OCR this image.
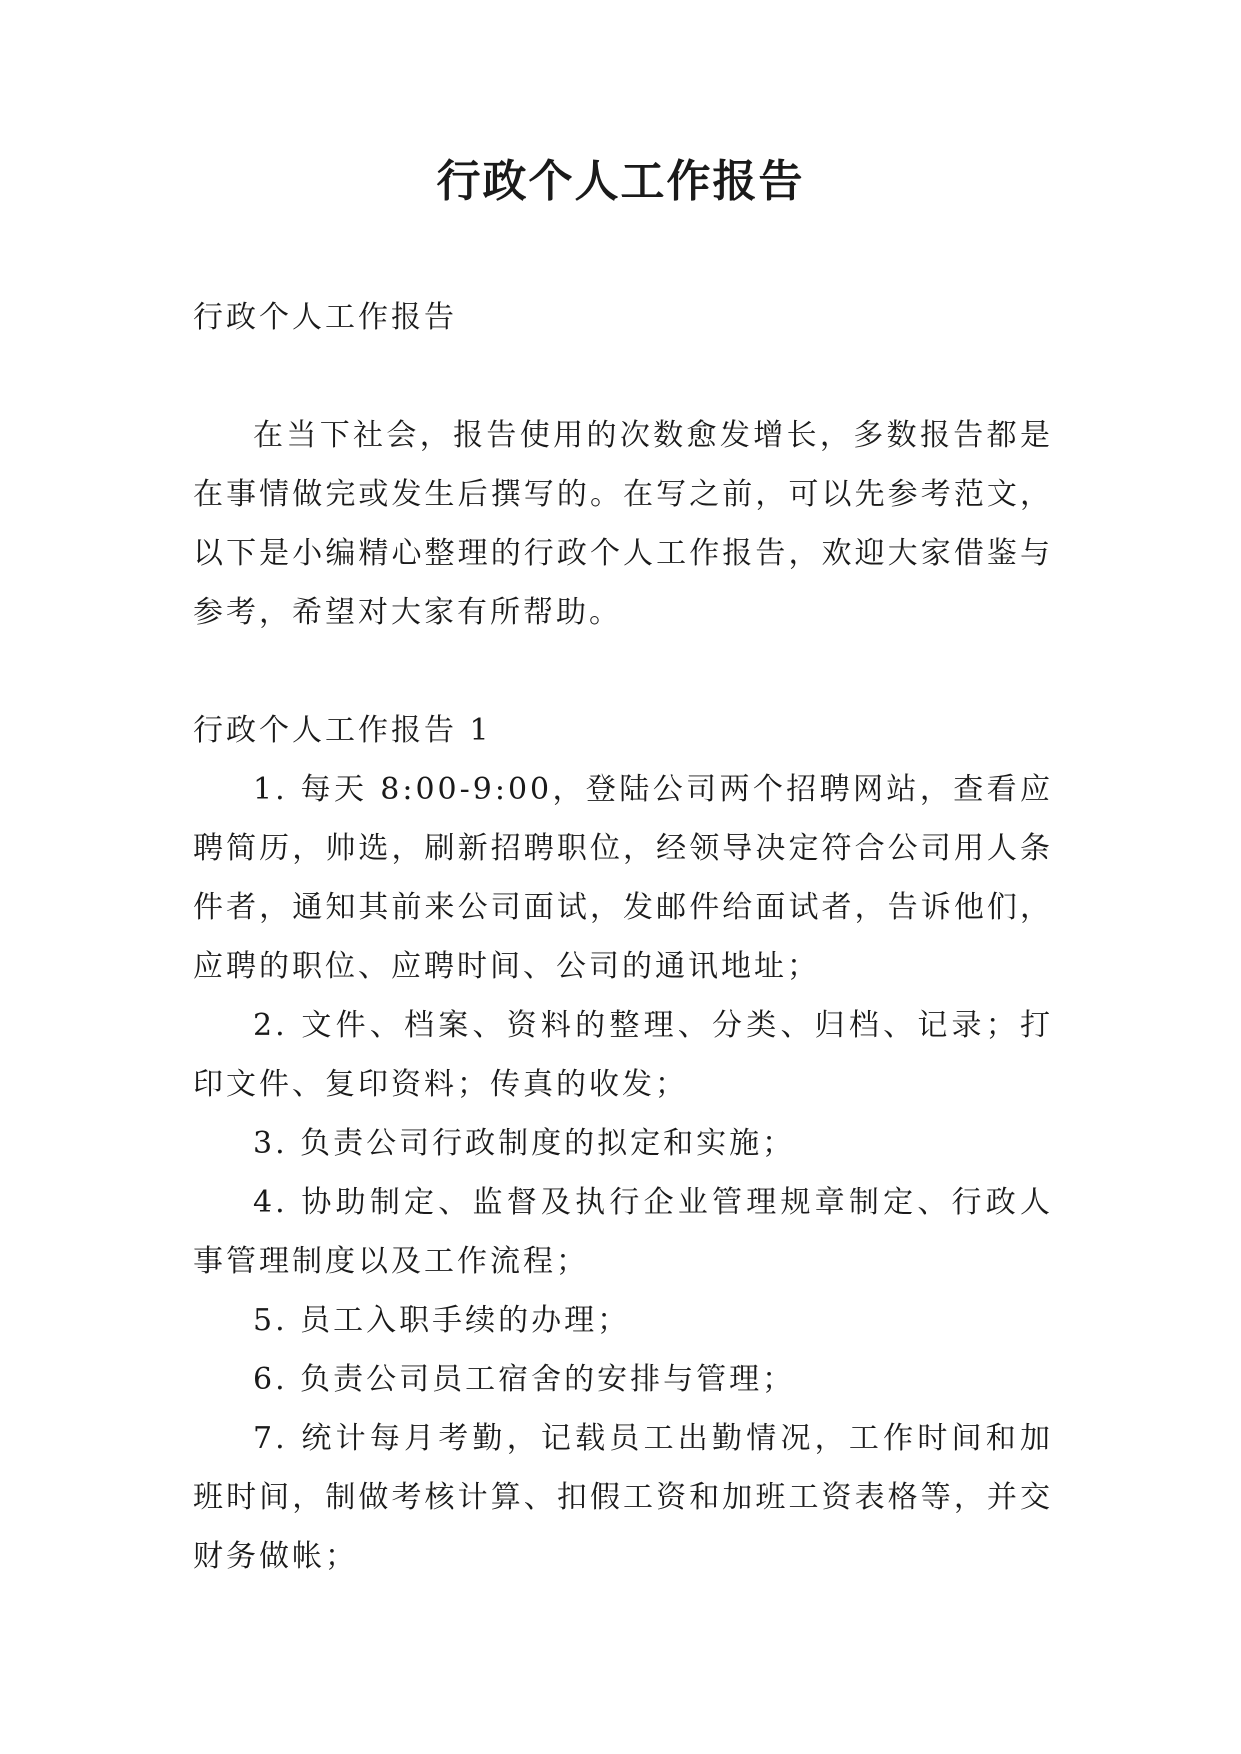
行政个人工作报告

行政个人工作报告

在当下社会，报告使用的次数愈发增长，多数报告都是在事情做完或发生后撰写的。在写之前，可以先参考范文，以下是小编精心整理的行政个人工作报告，欢迎大家借鉴与参考，希望对大家有所帮助。

行政个人工作报告 1

1. 每天 8:00-9:00，登陆公司两个招聘网站，查看应聘简历，帅选，刷新招聘职位，经领导决定符合公司用人条件者，通知其前来公司面试，发邮件给面试者，告诉他们，应聘的职位、应聘时间、公司的通讯地址；

2. 文件、档案、资料的整理、分类、归档、记录；打印文件、复印资料；传真的收发；

3. 负责公司行政制度的拟定和实施；

4. 协助制定、监督及执行企业管理规章制定、行政人事管理制度以及工作流程；

5. 员工入职手续的办理；

6. 负责公司员工宿舍的安排与管理；

7. 统计每月考勤，记载员工出勤情况，工作时间和加班时间，制做考核计算、扣假工资和加班工资表格等，并交财务做帐；
